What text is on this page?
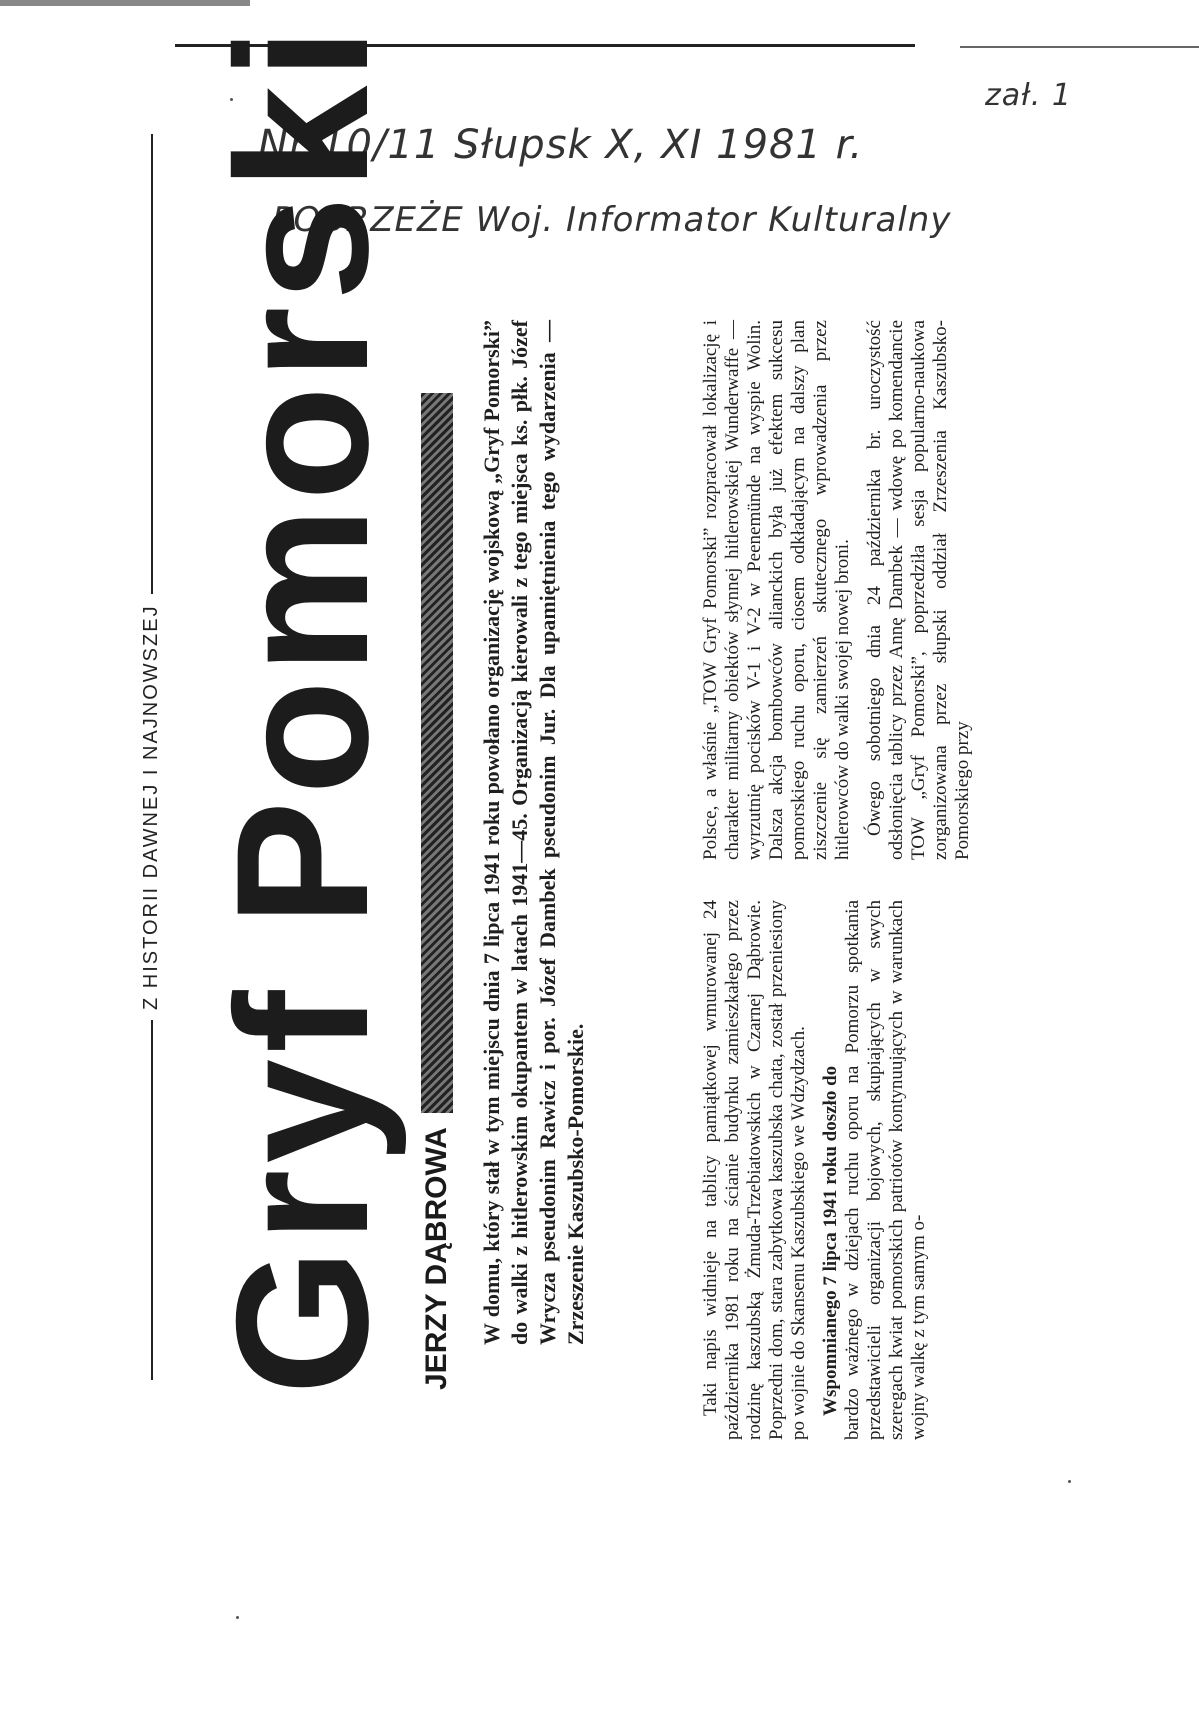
zał. 1
Nr 10/11 Słupsk X, XI 1981 r.
POBRZEŻE Woj. Informator Kulturalny
Z HISTORII DAWNEJ I NAJNOWSZEJ Gryf Pomorski JERZY DĄBROWA W domu, który stał w tym miejscu dnia 7 lipca 1941 roku powołano organizację wojskową „Gryf Pomorski” do walki z hitlerowskim okupantem w latach 1941—45. Organizacją kierowali z tego miejsca ks. płk. Józef Wrycza pseudonim Rawicz i por. Józef Dambek pseudonim Jur. Dla upamiętnienia tego wydarzenia — Zrzeszenie Kaszubsko-Pomorskie.	Taki napis widnieje na tablicy pamiątkowej wmurowanej 24 października 1981 roku na ścianie budynku zamieszkałego przez rodzinę kaszubską Żmuda-Trzebiatowskich w Czarnej Dąbrowie. Poprzedni dom, stara zabytkowa kaszubska chata, został przeniesiony po wojnie do Skansenu Kaszubskiego we Wdzydzach. Wspomnianego 7 lipca 1941 roku doszło do bardzo ważnego w dziejach ruchu oporu na Pomorzu spotkania przedstawicieli organizacji bojowych, skupiających w swych szeregach kwiat pomorskich patriotów kontynuujących w warunkach wojny walkę z tym samym o-

Polsce, a właśnie „TOW Gryf Pomorski” rozpracował lokalizację i charakter militarny obiektów słynnej hitlerowskiej Wunderwaffe — wyrzutnię pocisków V-1 i V-2 w Peenemünde na wyspie Wolin. Dalsza akcja bombowców alianckich była już efektem sukcesu pomorskiego ruchu oporu, ciosem odkładającym na dalszy plan ziszczenie się zamierzeń skutecznego wprowadzenia przez hitlerowców do walki swojej nowej broni. Ówego sobotniego dnia 24 października br. uroczystość odsłonięcia tablicy przez Annę Dambek — wdowę po komendancie TOW „Gryf Pomorski”, poprzedziła sesja popularno-naukowa zorganizowana przez słupski oddział Zrzeszenia Kaszubsko-Pomorskiego przy
